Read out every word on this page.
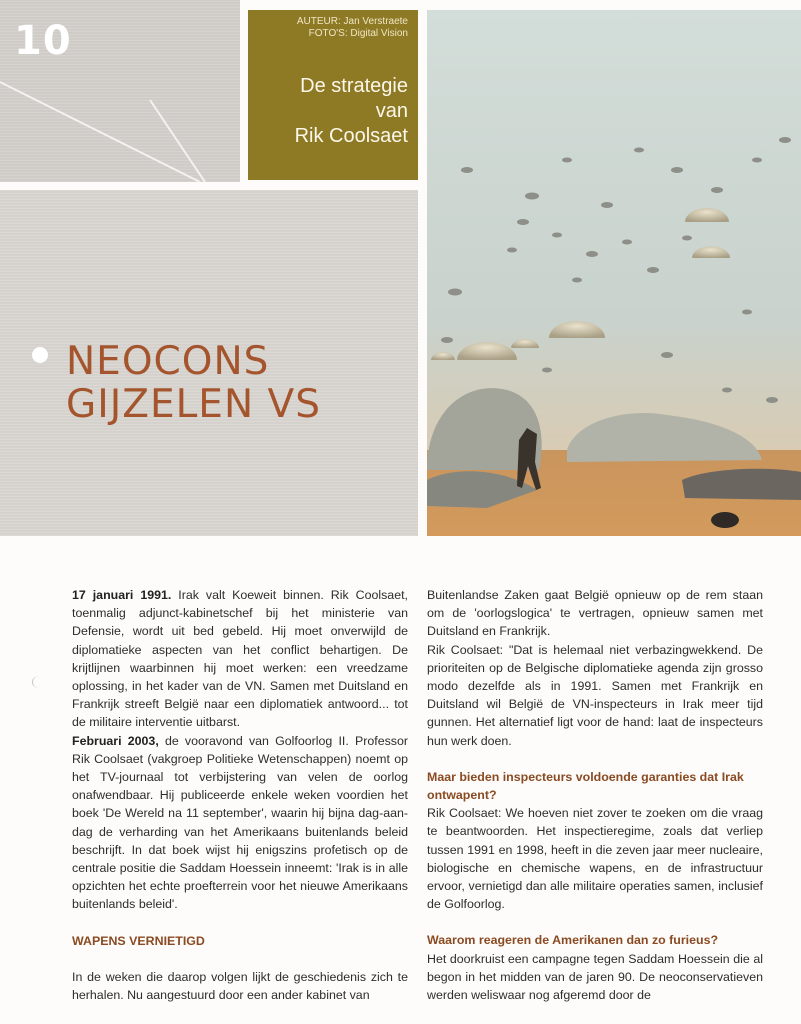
10	AUTEUR: Jan Verstraete
FOTO'S: Digital Vision
De strategie
van
Rik Coolsaet
NEOCONS
GIJZELEN VS

17 januari 1991. Irak valt Koeweit binnen. Rik Coolsaet, toenmalig adjunct-kabinetschef bij het ministerie van Defensie, wordt uit bed gebeld. Hij moet onverwijld de diplomatieke aspecten van het conflict behartigen. De krijtlijnen waarbinnen hij moet werken: een vreedzame oplossing, in het kader van de VN. Samen met Duitsland en Frankrijk streeft België naar een diplomatiek antwoord... tot de militaire interventie uitbarst.

Februari 2003, de vooravond van Golfoorlog II. Professor Rik Coolsaet (vakgroep Politieke Wetenschappen) noemt op het TV-journaal tot verbijstering van velen de oorlog onafwendbaar. Hij publiceerde enkele weken voordien het boek 'De Wereld na 11 september', waarin hij bijna dag-aan-dag de verharding van het Amerikaans buitenlands beleid beschrijft. In dat boek wijst hij enigszins profetisch op de centrale positie die Saddam Hoessein inneemt: 'Irak is in alle opzichten het echte proefterrein voor het nieuwe Amerikaans buitenlands beleid'.

WAPENS VERNIETIGD

In de weken die daarop volgen lijkt de geschiedenis zich te herhalen. Nu aangestuurd door een ander kabinet van

Buitenlandse Zaken gaat België opnieuw op de rem staan om de 'oorlogslogica' te vertragen, opnieuw samen met Duitsland en Frankrijk.

Rik Coolsaet: "Dat is helemaal niet verbazingwekkend. De prioriteiten op de Belgische diplomatieke agenda zijn grosso modo dezelfde als in 1991. Samen met Frankrijk en Duitsland wil België de VN-inspecteurs in Irak meer tijd gunnen. Het alternatief ligt voor de hand: laat de inspecteurs hun werk doen.

Maar bieden inspecteurs voldoende garanties dat Irak ontwapent?

Rik Coolsaet: We hoeven niet zover te zoeken om die vraag te beantwoorden. Het inspectieregime, zoals dat verliep tussen 1991 en 1998, heeft in die zeven jaar meer nucleaire, biologische en chemische wapens, en de infrastructuur ervoor, vernietigd dan alle militaire operaties samen, inclusief de Golfoorlog.

Waarom reageren de Amerikanen dan zo furieus?

Het doorkruist een campagne tegen Saddam Hoessein die al begon in het midden van de jaren 90. De neoconservatieven werden weliswaar nog afgeremd door de
